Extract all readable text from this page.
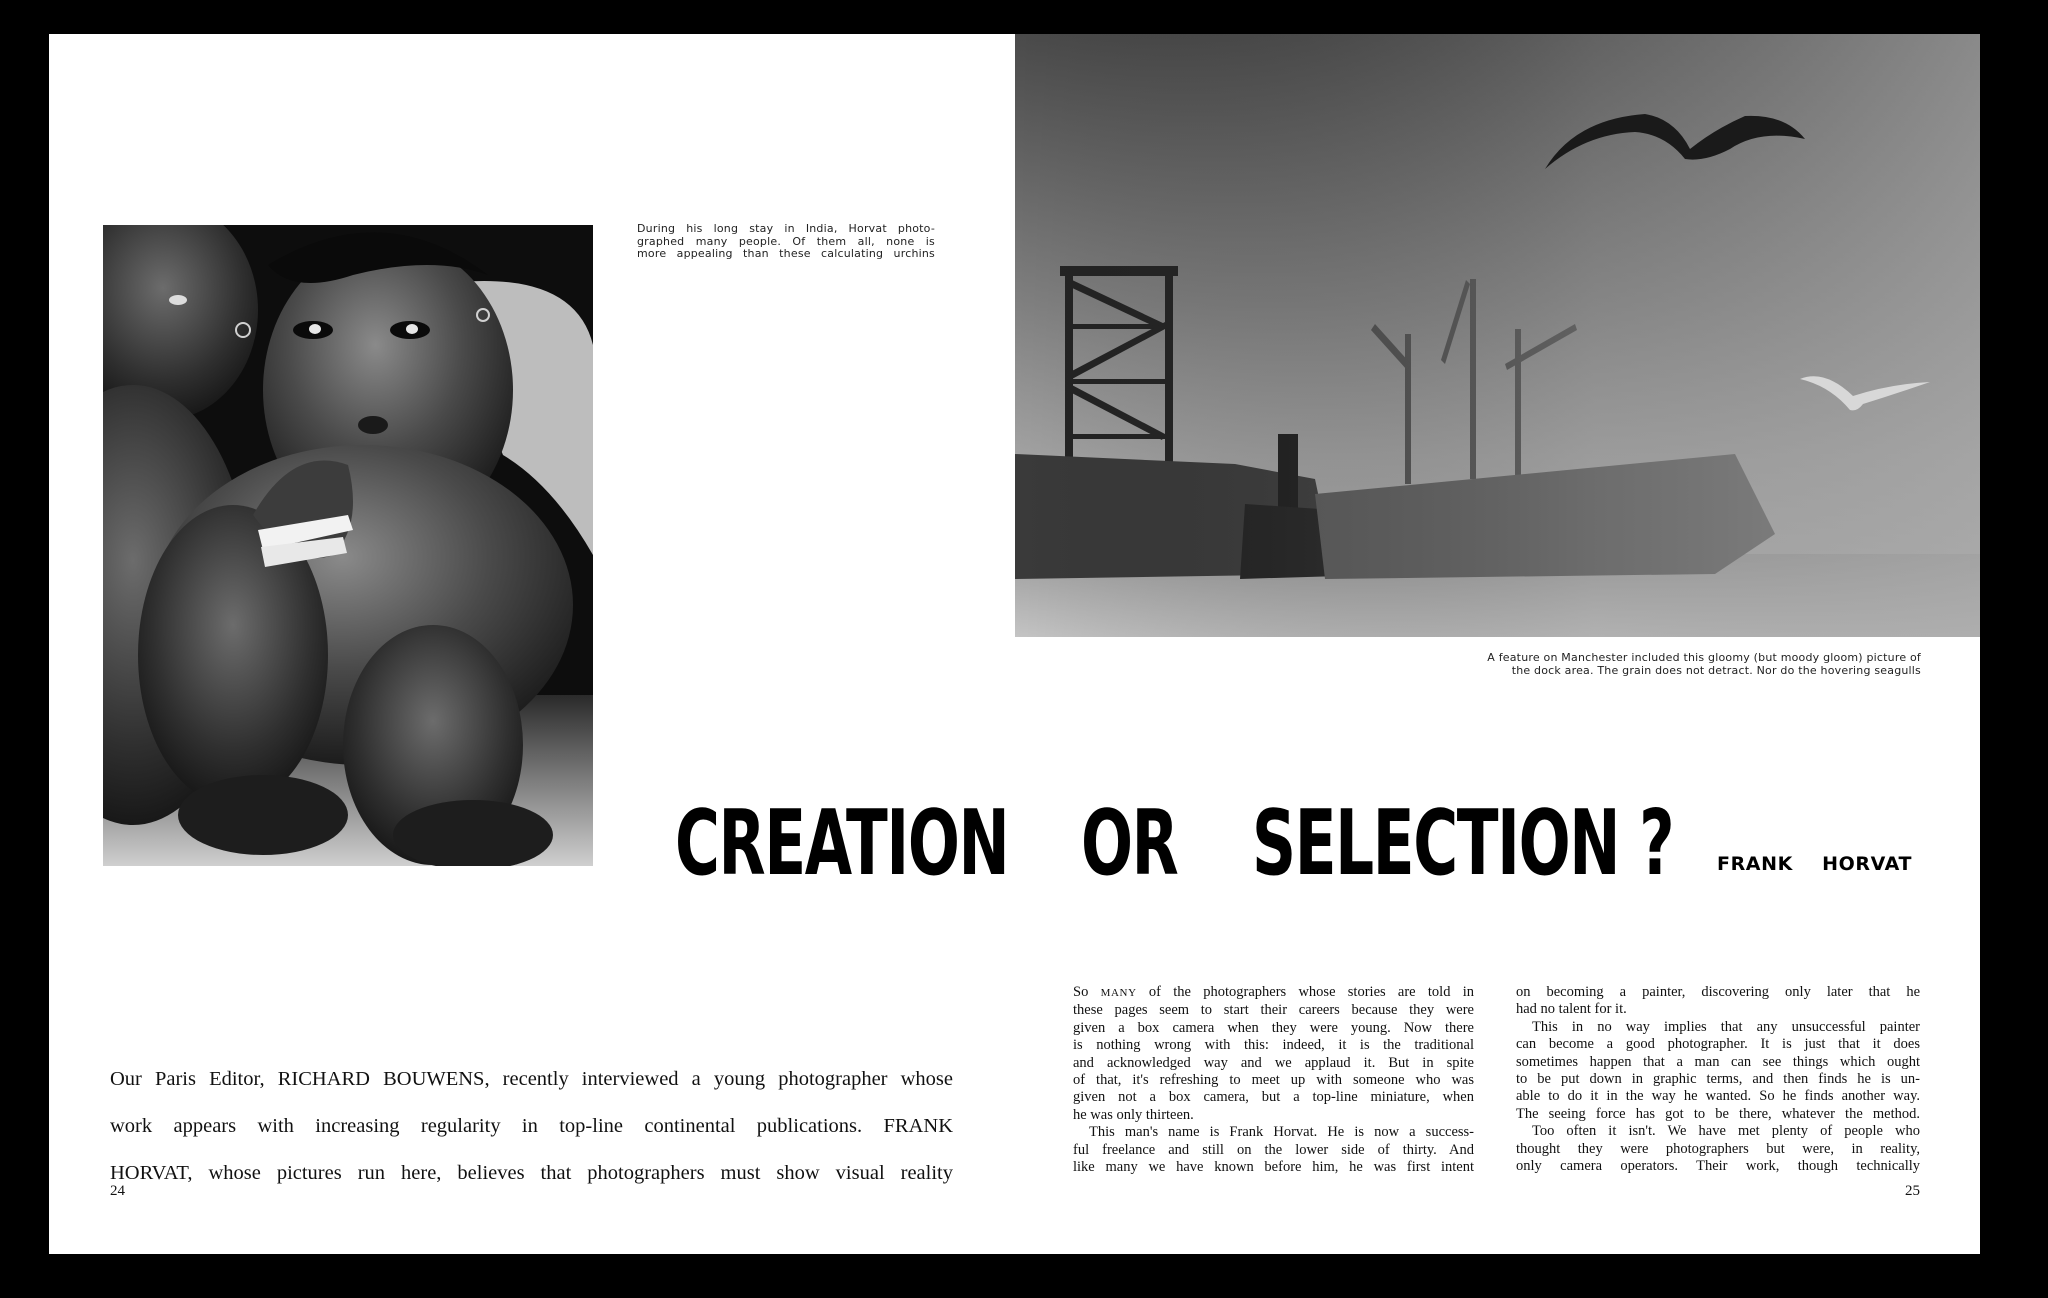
During his long stay in India, Horvat photo-
graphed many people. Of them all, none is
more appealing than these calculating urchins
A feature on Manchester included this gloomy (but moody gloom) picture of
the dock area. The grain does not detract. Nor do the hovering seagulls
CREATION OR SELECTION ? FRANK HORVAT
Our Paris Editor, RICHARD BOUWENS, recently interviewed a young photographer whose
work appears with increasing regularity in top-line continental publications. FRANK
HORVAT, whose pictures run here, believes that photographers must show visual reality
24
So MANY of the photographers whose stories are told in
these pages seem to start their careers because they were
given a box camera when they were young. Now there
is nothing wrong with this: indeed, it is the traditional
and acknowledged way and we applaud it. But in spite
of that, it's refreshing to meet up with someone who was
given not a box camera, but a top-line miniature, when
he was only thirteen.
This man's name is Frank Horvat. He is now a success-
ful freelance and still on the lower side of thirty. And
like many we have known before him, he was first intent
on becoming a painter, discovering only later that he
had no talent for it.
This in no way implies that any unsuccessful painter
can become a good photographer. It is just that it does
sometimes happen that a man can see things which ought
to be put down in graphic terms, and then finds he is un-
able to do it in the way he wanted. So he finds another way.
The seeing force has got to be there, whatever the method.
Too often it isn't. We have met plenty of people who
thought they were photographers but were, in reality,
only camera operators. Their work, though technically
25
